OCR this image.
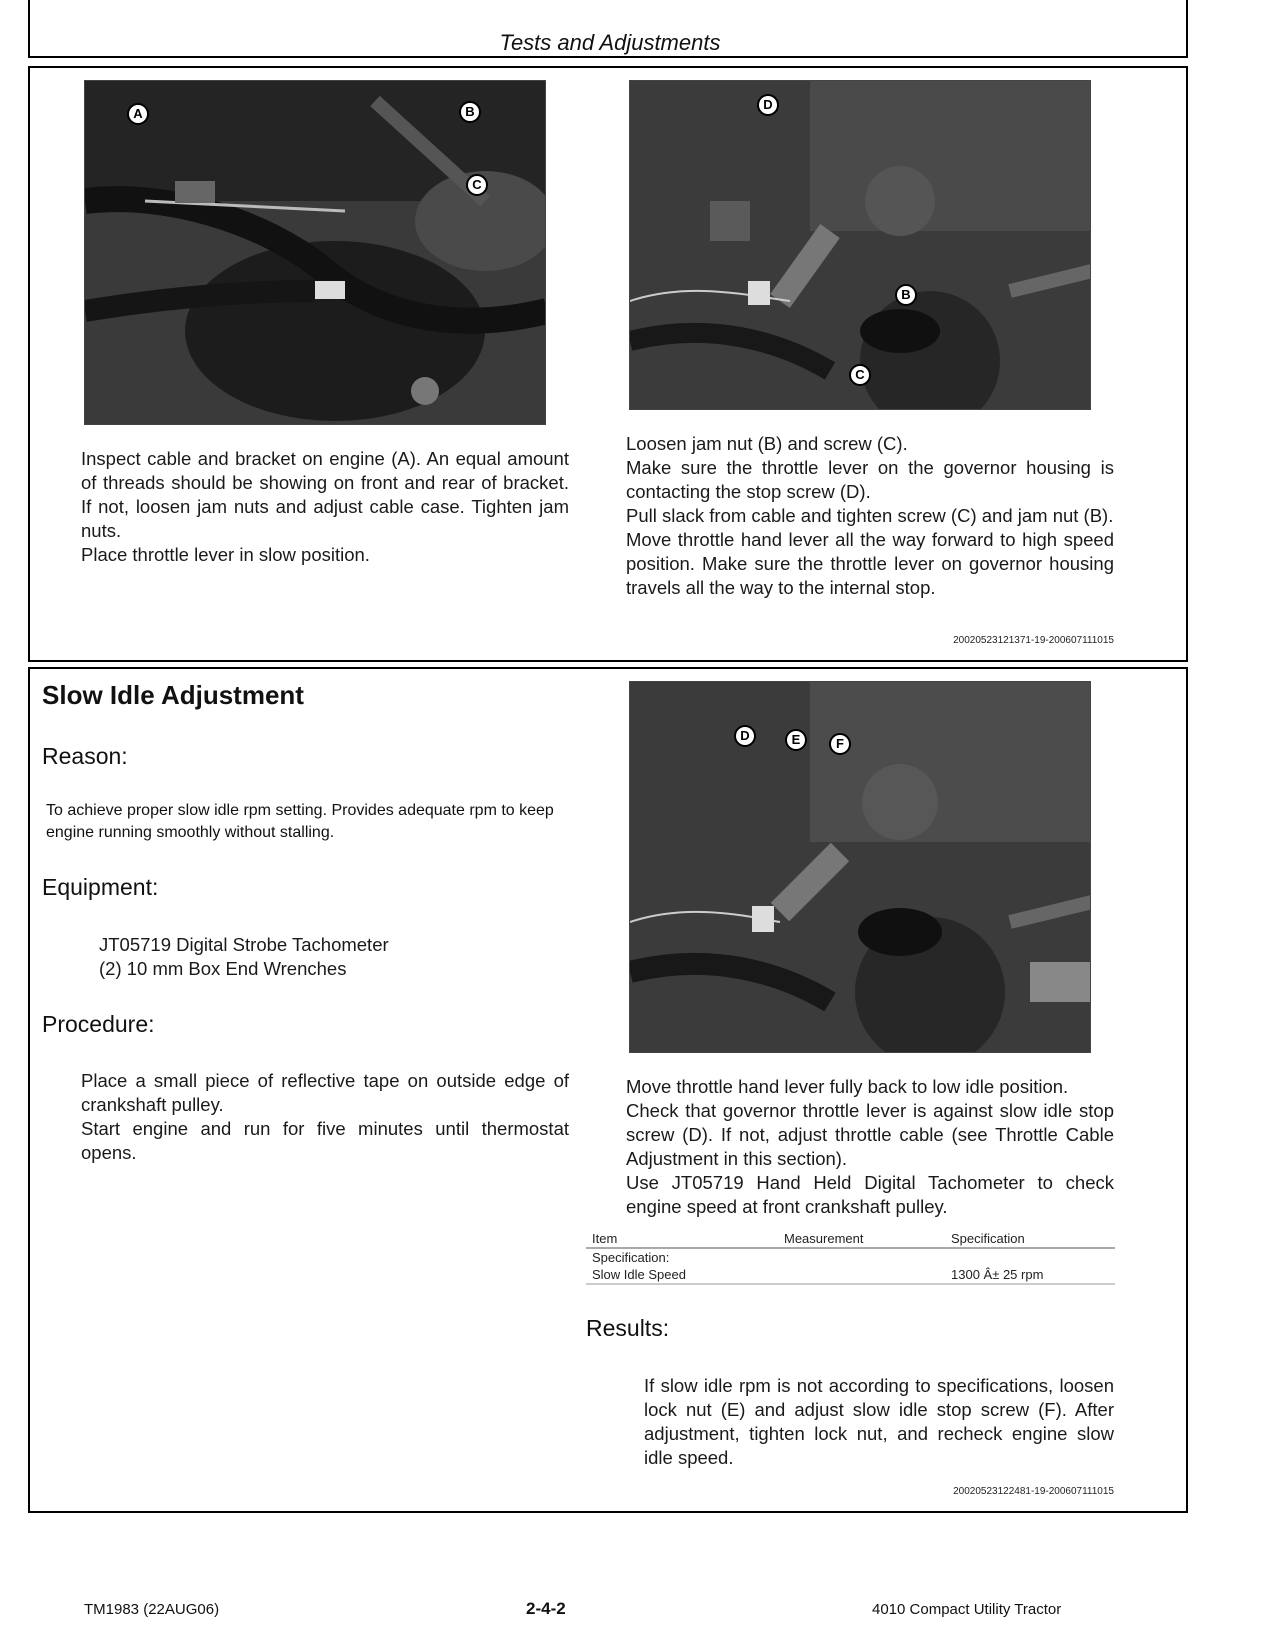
Tests and Adjustments
A	B
C
D
B
C

Inspect cable and bracket on engine (A). An equal amount of threads should be showing on front and rear of bracket. If not, loosen jam nuts and adjust cable case. Tighten jam nuts.

Place throttle lever in slow position.

Loosen jam nut (B) and screw (C).

Make sure the throttle lever on the governor housing is contacting the stop screw (D).

Pull slack from cable and tighten screw (C) and jam nut (B).

Move throttle hand lever all the way forward to high speed position. Make sure the throttle lever on governor housing travels all the way to the internal stop.

20020523121371-19-200607111015
Slow Idle Adjustment
Reason:
To achieve proper slow idle rpm setting. Provides adequate rpm to keep engine running smoothly without stalling.
Equipment:
JT05719 Digital Strobe Tachometer
(2) 10 mm Box End Wrenches
Procedure:

Place a small piece of reflective tape on outside edge of crankshaft pulley.

Start engine and run for five minutes until thermostat opens.

D	E	F

Move throttle hand lever fully back to low idle position.

Check that governor throttle lever is against slow idle stop screw (D). If not, adjust throttle cable (see Throttle Cable Adjustment in this section).

Use JT05719 Hand Held Digital Tachometer to check engine speed at front crankshaft pulley.

Item	Measurement	Specification
Specification:		
Slow Idle Speed		1300 Â± 25 rpm
Results:
If slow idle rpm is not according to specifications, loosen lock nut (E) and adjust slow idle stop screw (F). After adjustment, tighten lock nut, and recheck engine slow idle speed.
20020523122481-19-200607111015
TM1983 (22AUG06)	2-4-2	4010 Compact Utility Tractor
